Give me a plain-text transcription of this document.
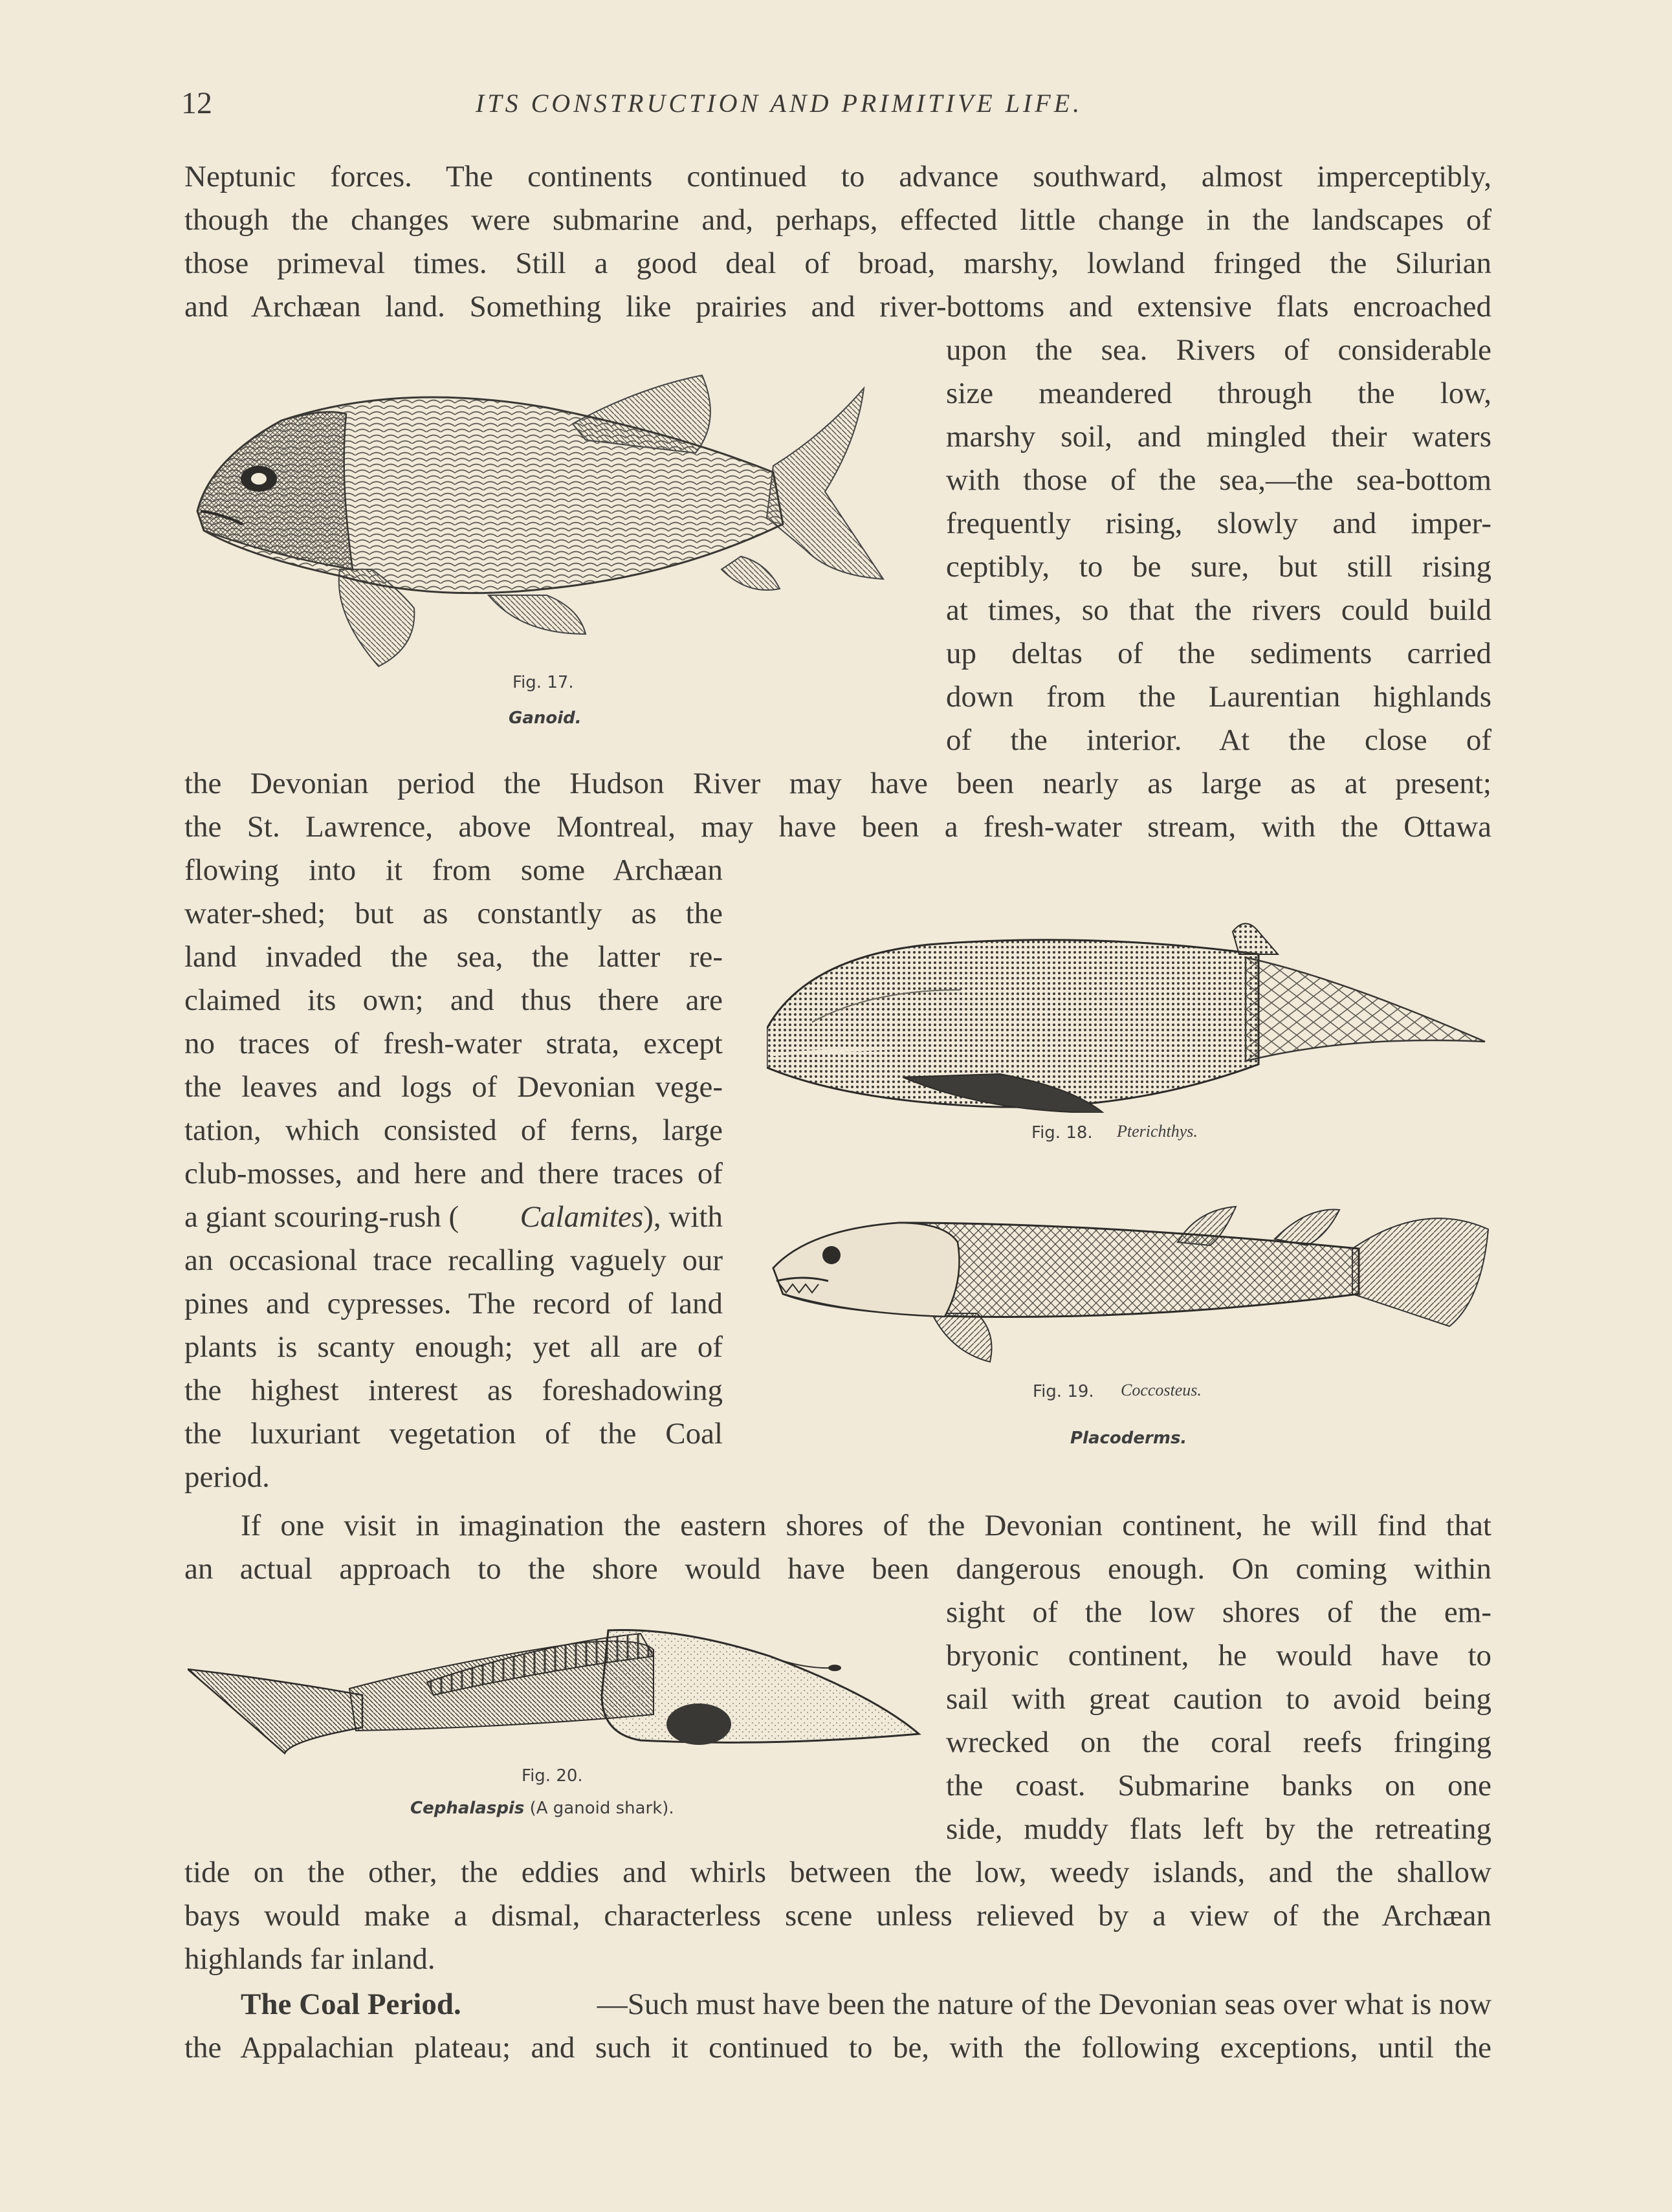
12	ITS CONSTRUCTION AND PRIMITIVE LIFE.
Neptunic forces. The continents continued to advance southward, almost imperceptibly,
though the changes were submarine and, perhaps, effected little change in the landscapes of
those primeval times. Still a good deal of broad, marshy, lowland fringed the Silurian
and Archæan land. Something like prairies and river-bottoms and extensive flats encroached
upon the sea. Rivers of considerable
size meandered through the low,
marshy soil, and mingled their waters
with those of the sea,—the sea-bottom
frequently rising, slowly and imper-
ceptibly, to be sure, but still rising
at times, so that the rivers could build
up deltas of the sediments carried
down from the Laurentian highlands
of the interior. At the close of
the Devonian period the Hudson River may have been nearly as large as at present;
the St. Lawrence, above Montreal, may have been a fresh-water stream, with the Ottawa
flowing into it from some Archæan
water-shed; but as constantly as the
land invaded the sea, the latter re-
claimed its own; and thus there are
no traces of fresh-water strata, except
the leaves and logs of Devonian vege-
tation, which consisted of ferns, large
club-mosses, and here and there traces of
a giant scouring-rush ( Calamites ), with
an occasional trace recalling vaguely our
pines and cypresses. The record of land
plants is scanty enough; yet all are of
the highest interest as foreshadowing
the luxuriant vegetation of the Coal
period.
If one visit in imagination the eastern shores of the Devonian continent, he will find that
an actual approach to the shore would have been dangerous enough. On coming within
sight of the low shores of the em-
bryonic continent, he would have to
sail with great caution to avoid being
wrecked on the coral reefs fringing
the coast. Submarine banks on one
side, muddy flats left by the retreating
tide on the other, the eddies and whirls between the low, weedy islands, and the shallow
bays would make a dismal, characterless scene unless relieved by a view of the Archæan
highlands far inland.
The Coal Period.	—Such must have been the nature of the Devonian seas over what is now
the Appalachian plateau; and such it continued to be, with the following exceptions, until the
Fig. 17.
Ganoid.
Fig. 18. Pterichthys.
Fig. 19. Coccosteus.
Placoderms.
Fig. 20.
Cephalaspis (A ganoid shark).
